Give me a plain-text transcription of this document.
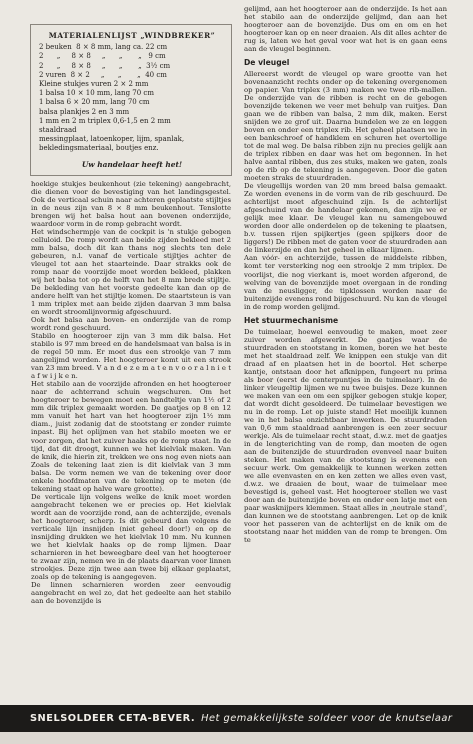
MATERIALENLIJST „WINDBREKER”
2 beuken  8 × 8 mm, lang ca. 22 cm
2      „     8 × 8     „      „       „   9 cm
2      „     8 × 8     „      „       „  3½ cm
2 vuren  8 × 2     „      „       „  40 cm
Kleine stukjes vuren 2 × 2 mm
1 balsa 10 × 10 mm, lang 70 cm
1 balsa 6 × 20 mm, lang 70 cm
balsa plankjes 2 en 3 mm
1 mm en 2 m triplex 0,6-1,5 en 2 mm
staaldraad
messingplaat, latoenkoper, lijm, spanlak,
bekledingsmateriaal, boutjes enz.
Uw handelaar heeft het!

hoekige stukjes beukenhout (zie tekening) aangebracht, die dienen voor de bevestiging van het landingsgestel. Ook de verticaal schuin naar achteren geplaatste stijltjes in de neus zijn van 8 × 8 mm beukenhout. Tenslotte brengen wij het balsa hout aan bovenen onderzijde, waardoor vorm in de romp gebracht wordt.

Het windschermpje van de cockpit is 'n stukje gebogen celluloid. De romp wordt aan beide zijden bekleed met 2 mm balsa, doch dit kan thans nog slechts ten dele gebeuren, n.l. vanaf de verticale stijltjes achter de vleugel tot aan het staarteinde. Daar strakks ook de romp naar de voorzijde moet worden bekleed, plakken wij het balsa tot op de helft van het 8 mm brede stijltje. De bekleding van het voorste gedeelte kan dan op de andere helft van het stijltje komen. De staartsteun is van 1 mm triplex met aan beide zijden daarvan 3 mm balsa en wordt stroomlijnvormig afgeschuurd.

Ook het balsa aan boven- en onderzijde van de romp wordt rond geschuurd.

Stabilo en hoogteroer zijn van 3 mm dik balsa. Het stabilo is 97 mm breed en de handelsmaat van balsa is in de regel 50 mm. Er moet dus een strookje van 7 mm aangelijmd worden. Het hoogteroer komt uit een strook van 23 mm breed. V a n d e z e m a t e n v o o r a l n i e t a f w i j k e n.

Het stabilo aan de voorzijde afronden en het hoogteroer naar de achterrand schuin wegschuren. Om het hoogteroer te bewegen moet een handteltje van 1½ of 2 mm dik triplex gemaakt worden. De gaatjes op 8 en 12 mm vanuit het hart van het hoogteroer zijn 1½ mm diam., juist zodanig dat de stootstang er zonder ruimte inpast. Bij het oplijmen van het stabilo moeten we er voor zorgen, dat het zuiver haaks op de romp staat. In de tijd, dat dit droogt, kunnen we het kielvlak maken. Van de knik, die hierin zit, trekken we ons nog even niets aan Zoals de tekening laat zien is dit kielvlak van 3 mm balsa. De vorm nemen we van de tekening over door enkele hoofdmaten van de tekening op te meten (de tekening staat op halve ware grootte).

De verticale lijn volgens welke de knik moet worden aangebracht tekenen we er precies op. Het kielvlak wordt aan de voorzijde rond, aan de achterzijde, evenals het hoogteroer, scherp. Is dit gebeurd dan volgens de verticale lijn insnijden (niet geheel door!) en op de insnijding drukken we het kielvlak 10 mm. Nu kunnen we het kielvlak haaks op de romp lijmen. Daar scharnieren in het beweegbare deel van het hoogteroer te zwaar zijn, nemen we in de plaats daarvan voor linnen strookjes. Deze zijn twee aan twee bij elkaar geplaatst, zoals op de tekening is aangegeven.

De linnen scharnieren worden zeer eenvoudig aangebracht en wel zo, dat het gedeelte aan het stabilo aan de bovenzijde is

gelijmd, aan het hoogteroer aan de onderzijde. Is het aan het stabilo aan de onderzijde gelijmd, dan aan het hoogteroer aan de bovenzijde. Dus om en om en het hoogteroer kan op en neer draaien. Als dit alles achter de rug is, laten we het geval voor wat het is en gaan eens aan de vleugel beginnen.

De vleugel

Allereerst wordt de vleugel op ware grootte van het bovenaanzicht rechts onder op de tekening overgenomen op papier. Van triplex (3 mm) maken we twee rib-mallen. De onderzijde van de ribben is recht en de gebogen bovenzijde tekenen we veer met behulp van ruitjes. Dan gaan we de ribben van balsa, 2 mm dik, maken. Eerst snijden we ze grof uit. Daarna bundelen we ze en leggen boven en onder een triplex rib. Het geheel plaatsen we in een bankschroef of handklem en schuren het overtollige tot de mal weg. De balsa ribben zijn nu precies gelijk aan de triplex ribben en daar was het om begonnen. In het halve aantal ribben, dus zes stuks, maken we gaten, zoals op de rib op de tekening is aangegeven. Door die gaten moeten straks de stuurdraden.

De vleugellijs worden van 20 mm breed balsa gemaakt. Ze worden evenens in de vorm van de rib geschuurd. De achterlijst moet afgeschuind zijn. Is de achterlijst afgeschuind van de handelaar gekomen, dan zijn we er gelijk mee klaar. De vleugel kan nu samengebouwd worden door alle onderdelen op de tekening te plaatsen, b.v. tussen rijen spijkertjes (geen spijkers door de liggers!) De ribben met de gaten voor de stuurdraden aan de linkerzijde en dan het geheel in elkaar lijmen.

Aan vóór- en achterzijde, tussen de middelste ribben, komt ter versterking nog een strookje 2 mm triplex. De voorlijst, die nog vierkant is, moet worden afgerond, de welving van de bovenzijde moet overgaan in de ronding van de neusligger, de tipklossen worden naar de buitenzijde evenens rond bijgeschuurd. Nu kan de vleugel in de romp worden gelijmd.

Het stuurmechanisme

De tuimelaar, hoewel eenvoudig te maken, moet zeer zuiver worden afgewerkt. De gaatjes waar de stuurdraden en stootstang in komen, boren we het beste met het staaldraad zelf. We knippen een stukje van dit draad af en plaatsen het in de boortol. Het scherpe kantje, ontstaan door het afknippen, fungeert nu prima als boor (eerst de centerpuntjes in de tuimelaar). In de linker vleugeltip lijmen we nu twee buisjes. Deze kunnen we maken van een om een spijker gebogen stukje koper, dat wordt dicht gesoldeerd. De tuimelaar bevestigen we nu in de romp. Let op juiste stand! Het moeilijk kunnen we in het balsa onzichtbaar inwerken. De stuurdraden van 0,6 mm staaldraad aanbrengen is een zeer secuur werkje. Als de tuimelaar recht staat, d.w.z. met de gaatjes in de lengterichting van de romp, dan moeten de ogen aan de buitenzijde de stuurdraden evenveel naar buiten steken. Het maken van de stootstang is evenens een secuur werk. Om gemakkelijk te kunnen werken zetten we alle evenvasten en en ken zetten we alles even vast, d.w.z. we draaien de bout, waar de tuimelaar mee bevestigd is, geheel vast. Het hoogteroer stellen we vast door aan de buitenzijde boven en onder een latje met een paar wasknijpers klemmen. Staat alles in ,neutrale stand', dan kunnen we de stootstang aanbrengen. Let op de knik voor het passeren van de achterlijst en de knik om de stootstang naar het midden van de romp te brengen. Om te

SNELSOLDEER CETA-BEVER. Het gemakkelijkste soldeer voor de knutselaar
